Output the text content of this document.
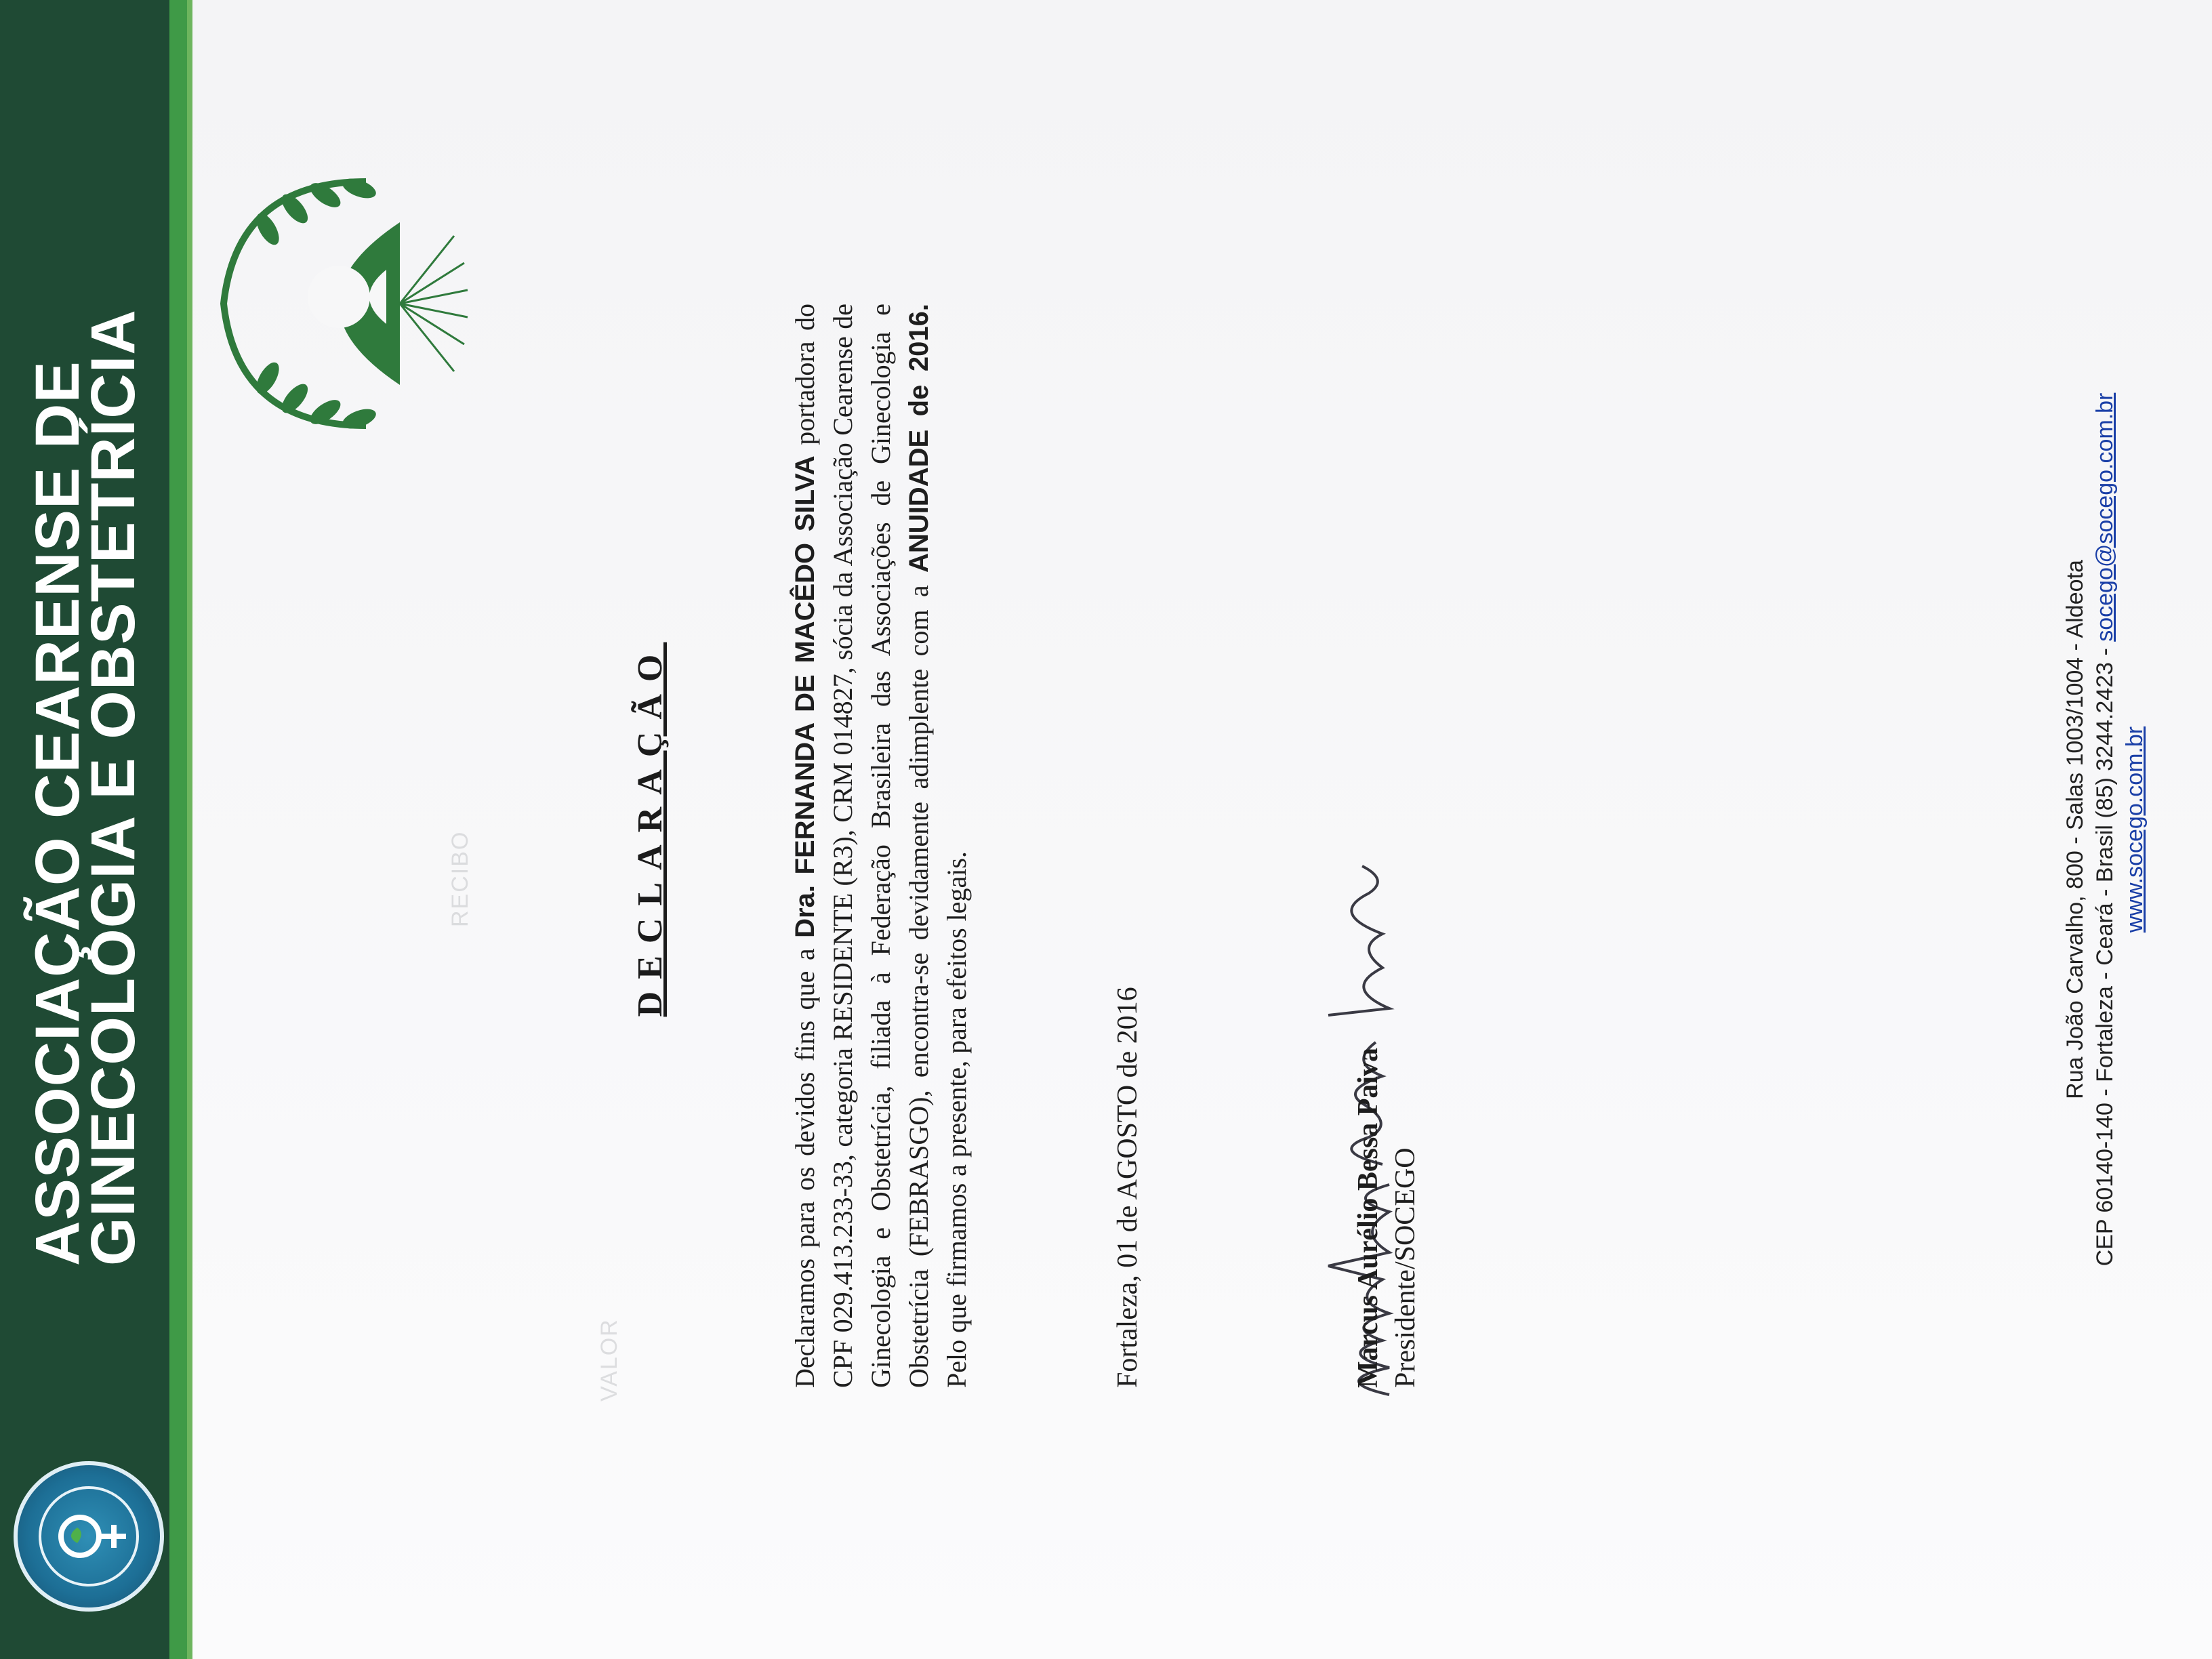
RECIBO
VALOR
ASSOCIAÇÃO CEARENSE DE GINECOLOGIA E OBSTETRÍCIA	DECLARAÇÃO
Declaramos para os devidos fins que a Dra. FERNANDA DE MACÊDO SILVA portadora do CPF 029.413.233-33, categoria RESIDENTE (R3), CRM 014827, sócia da Associação Cearense de Ginecologia e Obstetrícia, filiada à Federação Brasileira das Associações de Ginecologia e Obstetrícia (FEBRASGO), encontra-se devidamente adimplente com a ANUIDADE de 2016. Pelo que firmamos a presente, para efeitos legais.	Fortaleza, 01 de AGOSTO de 2016	Marcus Aurélio Bessa Paiva Presidente/SOCEGO
Rua João Carvalho, 800 - Salas 1003/1004 - Aldeota CEP 60140-140 - Fortaleza - Ceará - Brasil (85) 3244.2423 - socego@socego.com.br
www.socego.com.br
